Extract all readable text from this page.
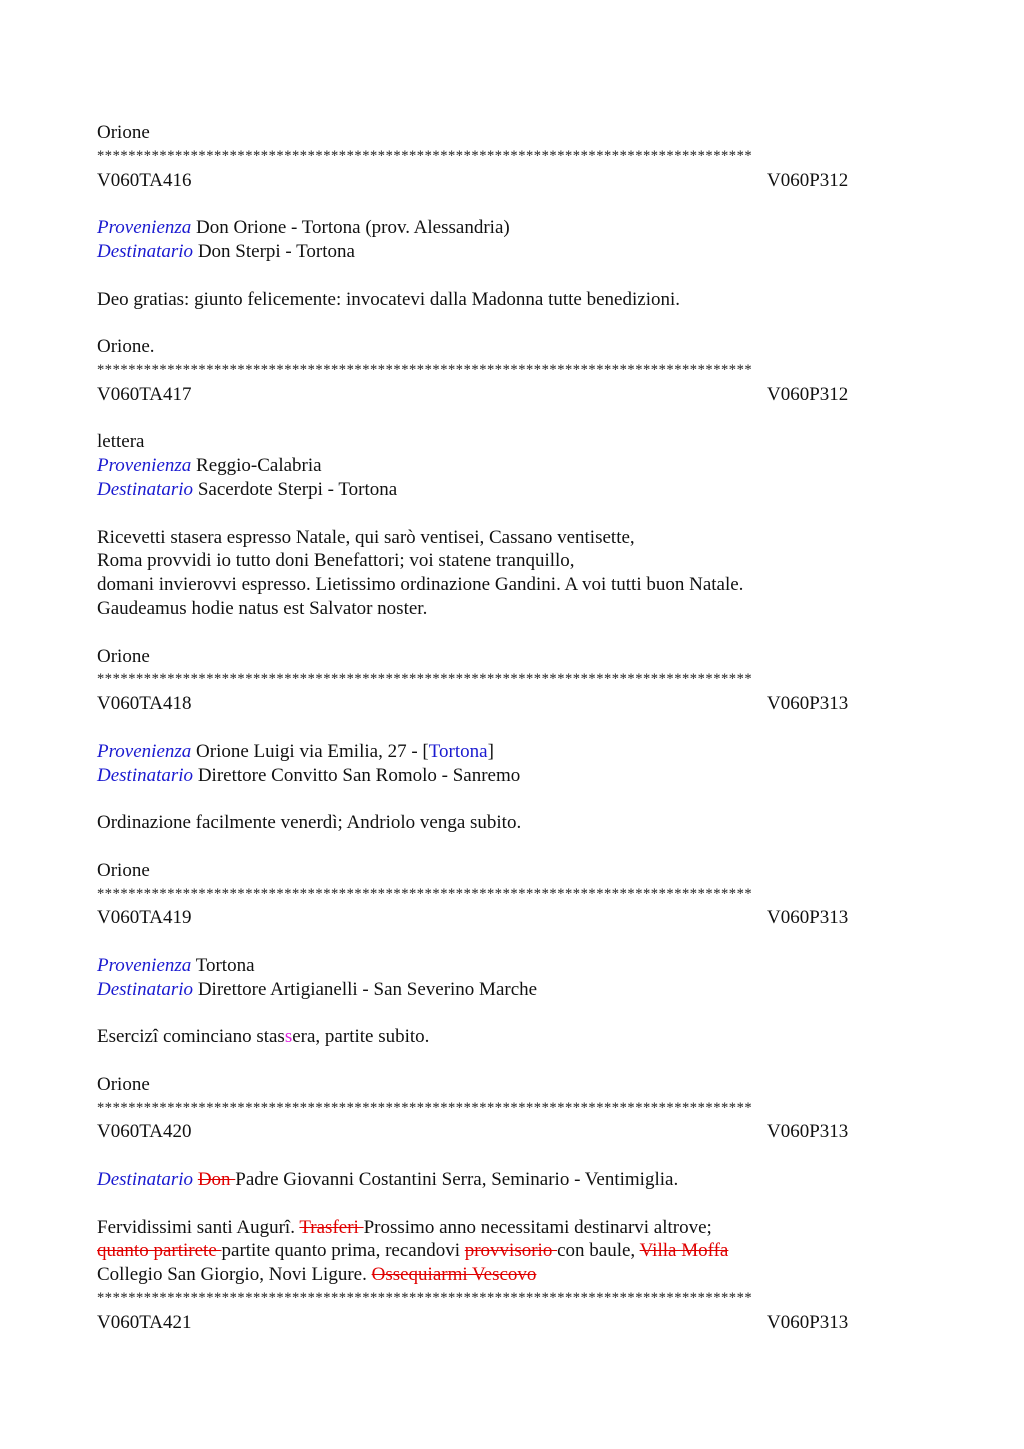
Orione
************************************************************************************
V060TA416	V060P312
Provenienza Don Orione - Tortona (prov. Alessandria)
Destinatario Don Sterpi - Tortona
Deo gratias: giunto felicemente: invocatevi dalla Madonna tutte benedizioni.
Orione.
************************************************************************************
V060TA417	V060P312
lettera
Provenienza Reggio-Calabria
Destinatario Sacerdote Sterpi - Tortona
Ricevetti stasera espresso Natale, qui sarò ventisei, Cassano ventisette,
Roma provvidi io tutto doni Benefattori; voi statene tranquillo,
domani invierovvi espresso. Lietissimo ordinazione Gandini. A voi tutti buon Natale.
Gaudeamus hodie natus est Salvator noster.
Orione
************************************************************************************
V060TA418	V060P313
Provenienza Orione Luigi via Emilia, 27 - [Tortona]
Destinatario Direttore Convitto San Romolo - Sanremo
Ordinazione facilmente venerdì; Andriolo venga subito.
Orione
************************************************************************************
V060TA419	V060P313
Provenienza Tortona
Destinatario Direttore Artigianelli - San Severino Marche
Esercizî cominciano stassera, partite subito.
Orione
************************************************************************************
V060TA420	V060P313
Destinatario Don Padre Giovanni Costantini Serra, Seminario - Ventimiglia.
Fervidissimi santi Augurî. Trasferi Prossimo anno necessitami destinarvi altrove;
quanto partirete partite quanto prima, recandovi provvisorio con baule, Villa Moffa
Collegio San Giorgio, Novi Ligure. Ossequiarmi Vescovo
************************************************************************************
V060TA421	V060P313
